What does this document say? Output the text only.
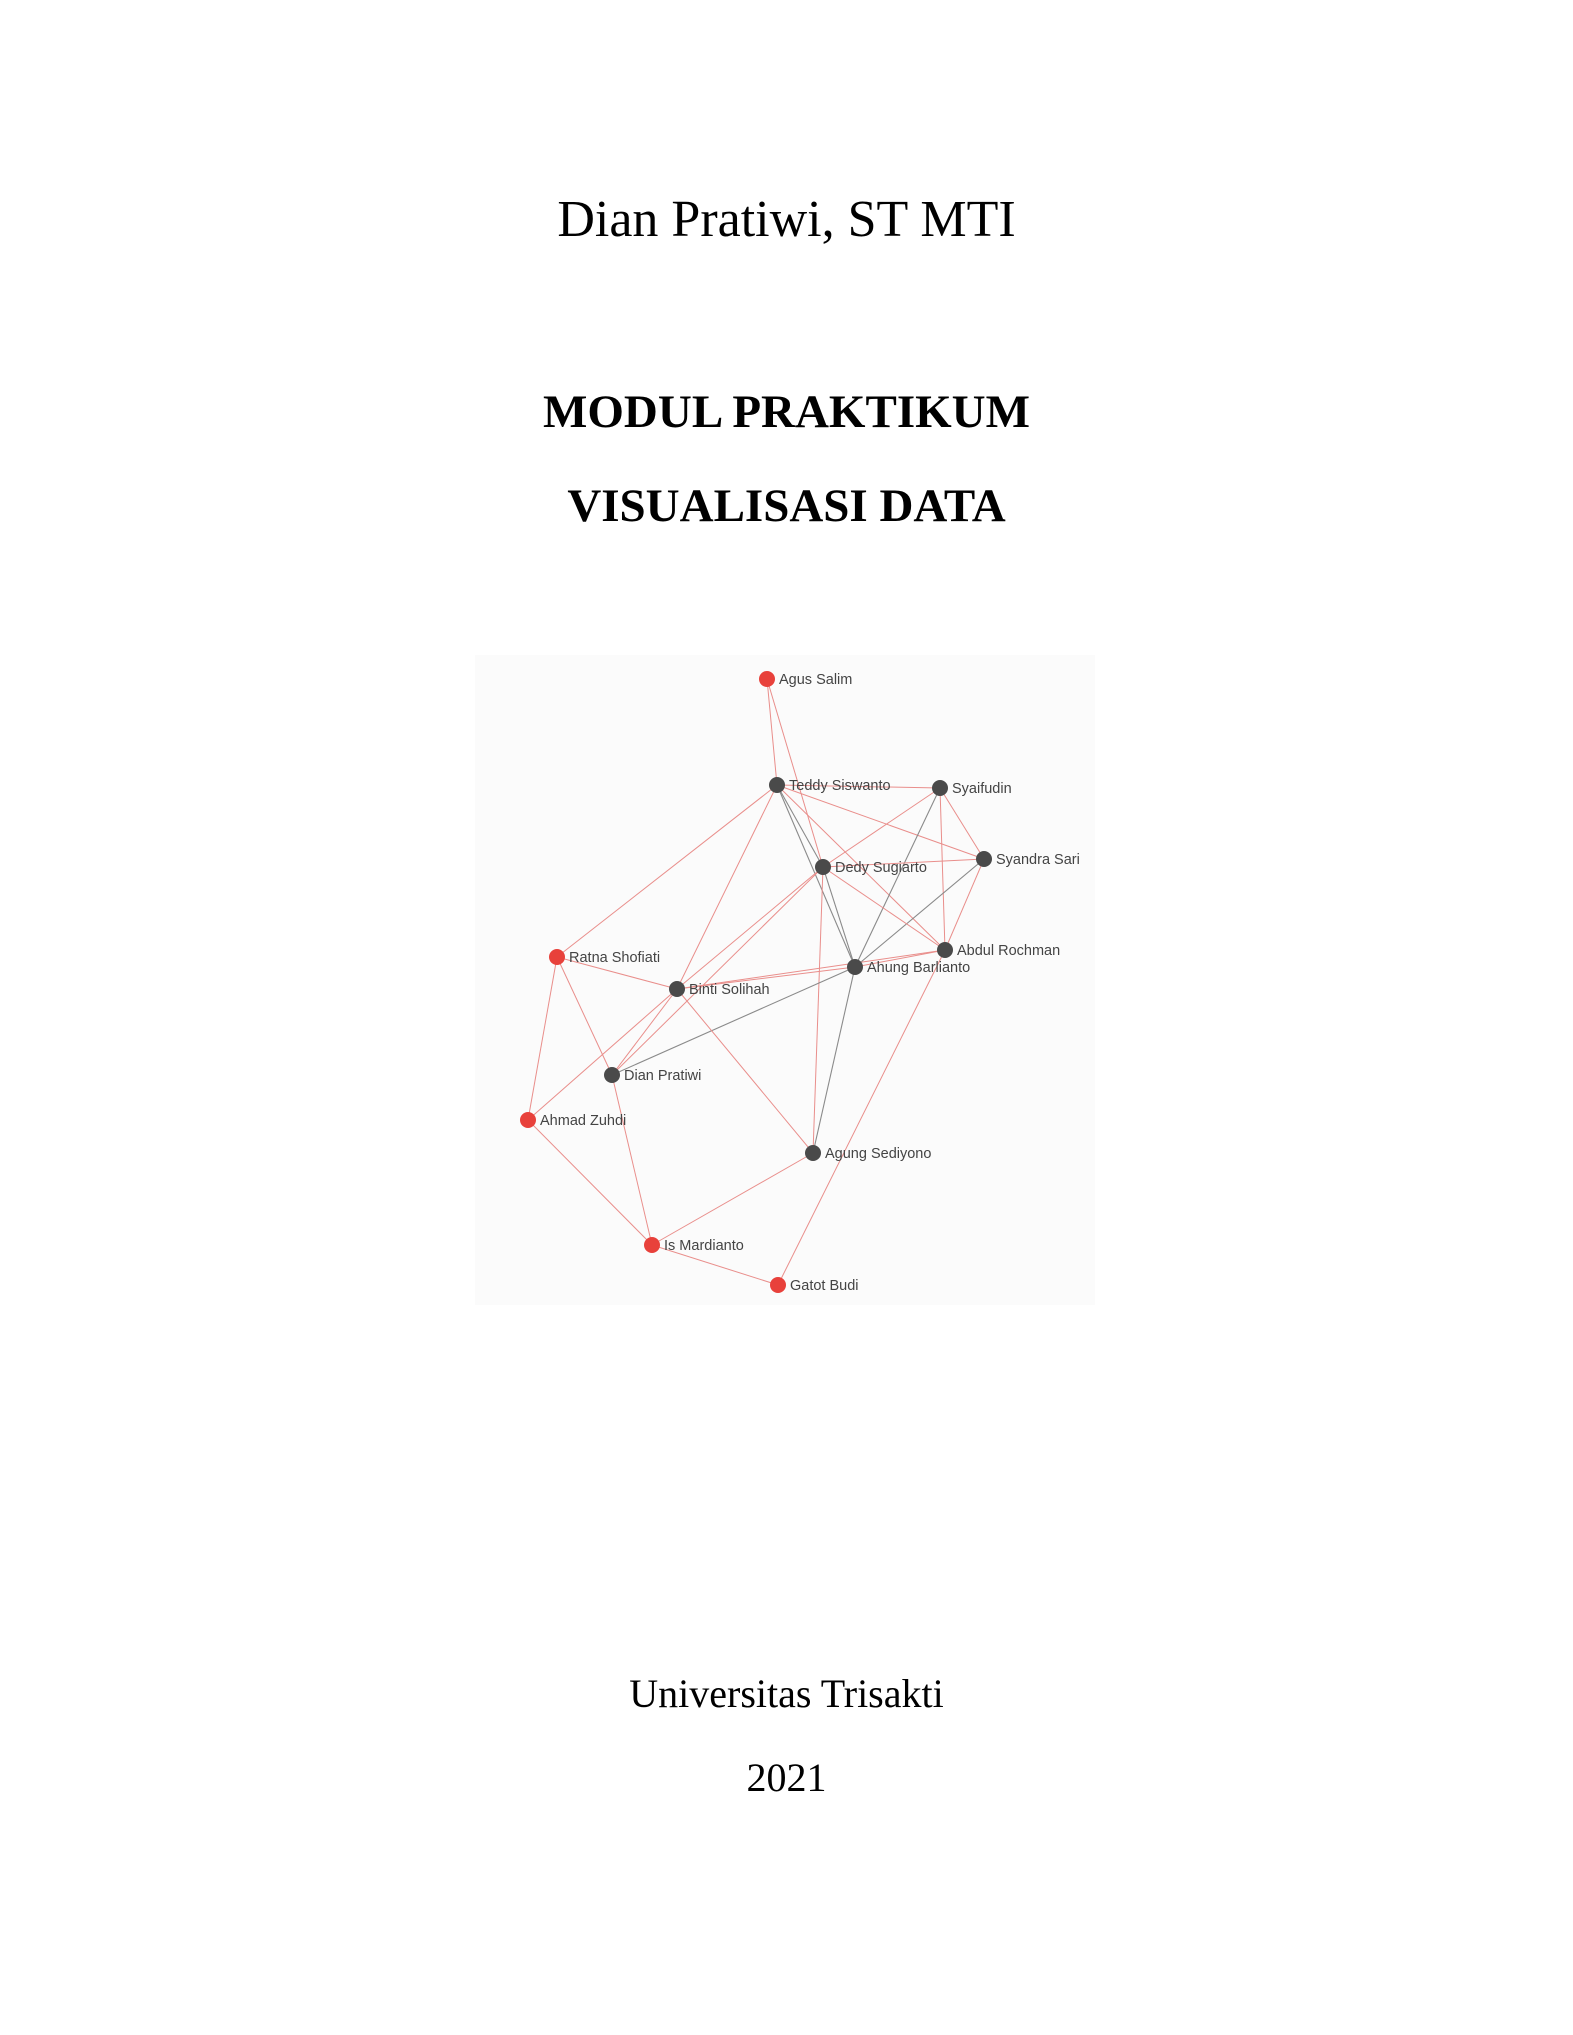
Dian Pratiwi, ST MTI
MODUL PRAKTIKUM
VISUALISASI DATA
Agus Salim
Teddy Siswanto	Syaifudin
Syandra Sari
Dedy Sugiarto
Abdul Rochman
Ahung Barlianto
Ratna Shofiati
Binti Solihah
Dian Pratiwi
Ahmad Zuhdi
Agung Sediyono
Is Mardianto
Gatot Budi
Universitas Trisakti
2021
